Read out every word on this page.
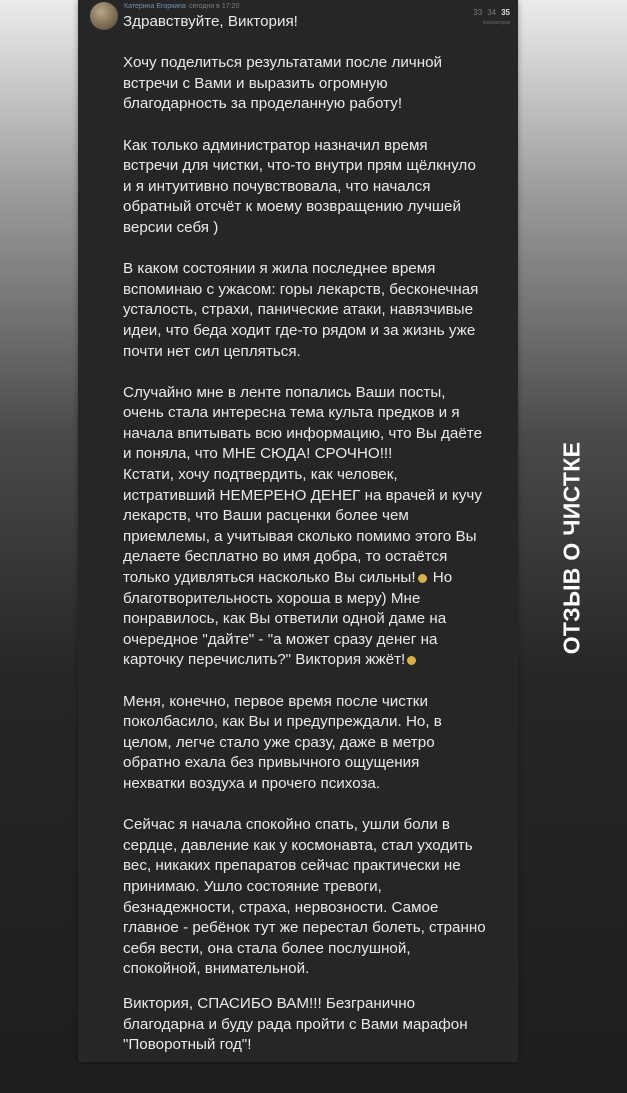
Катерина Егоркина сегодня в 17:20
33 34 35
просмотров
Здравствуйте, Виктория!
Хочу поделиться результатами после личной
встречи с Вами и выразить огромную
благодарность за проделанную работу!
Как только администратор назначил время
встречи для чистки, что-то внутри прям щёлкнуло
и я интуитивно почувствовала, что начался
обратный отсчёт к моему возвращению лучшей
версии себя )
В каком состоянии я жила последнее время
вспоминаю с ужасом: горы лекарств, бесконечная
усталость, страхи, панические атаки, навязчивые
идеи, что беда ходит где-то рядом и за жизнь уже
почти нет сил цепляться.
Случайно мне в ленте попались Ваши посты,
очень стала интересна тема культа предков и я
начала впитывать всю информацию, что Вы даёте
и поняла, что МНЕ СЮДА! СРОЧНО!!!
Кстати, хочу подтвердить, как человек,
истративший НЕМЕРЕНО ДЕНЕГ на врачей и кучу
лекарств, что Ваши расценки более чем
приемлемы, а учитывая сколько помимо этого Вы
делаете бесплатно во имя добра, то остаётся
только удивляться насколько Вы сильны! Но
благотворительность хороша в меру) Мне
понравилось, как Вы ответили одной даме на
очередное "дайте" - "а может сразу денег на
карточку перечислить?" Виктория жжёт!
Меня, конечно, первое время после чистки
поколбасило, как Вы и предупреждали. Но, в
целом, легче стало уже сразу, даже в метро
обратно ехала без привычного ощущения
нехватки воздуха и прочего психоза.
Сейчас я начала спокойно спать, ушли боли в
сердце, давление как у космонавта, стал уходить
вес, никаких препаратов сейчас практически не
принимаю. Ушло состояние тревоги,
безнадежности, страха, нервозности. Самое
главное - ребёнок тут же перестал болеть, странно
себя вести, она стала более послушной,
спокойной, внимательной.
Виктория, СПАСИБО ВАМ!!! Безгранично
благодарна и буду рада пройти с Вами марафон
"Поворотный год"!
ОТЗЫВ О ЧИСТКЕ
